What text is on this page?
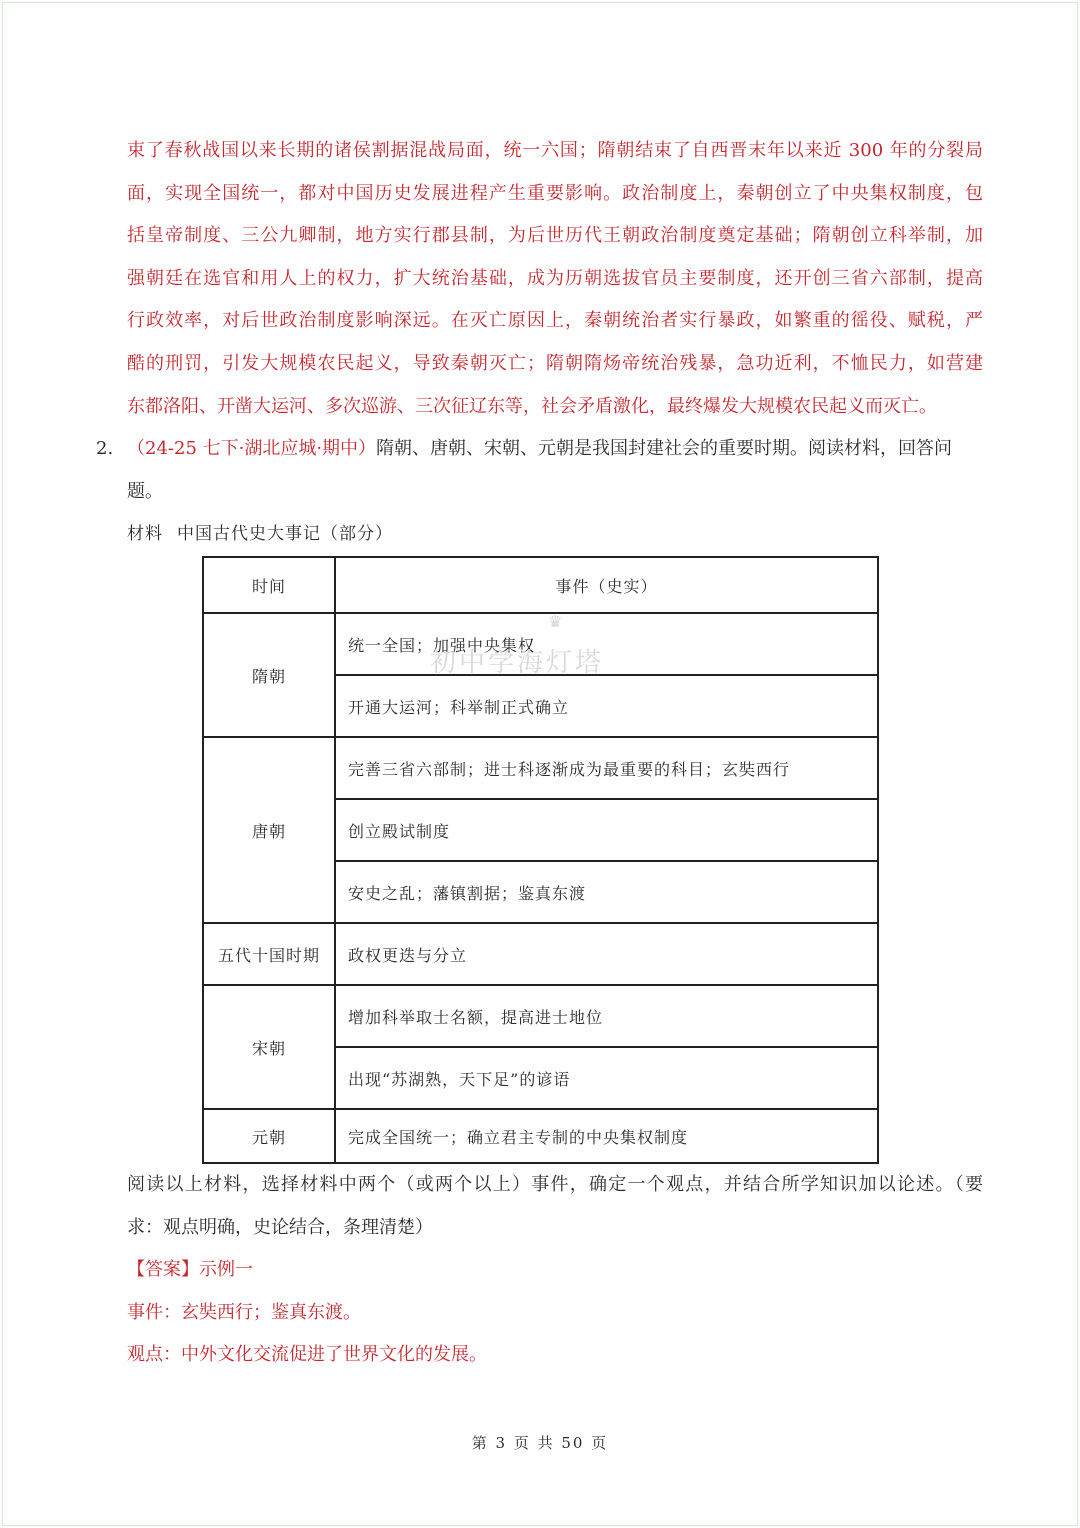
束了春秋战国以来长期的诸侯割据混战局面，统一六国；隋朝结束了自西晋末年以来近 300 年的分裂局
面，实现全国统一，都对中国历史发展进程产生重要影响。政治制度上，秦朝创立了中央集权制度，包
括皇帝制度、三公九卿制，地方实行郡县制，为后世历代王朝政治制度奠定基础；隋朝创立科举制，加
强朝廷在选官和用人上的权力，扩大统治基础，成为历朝选拔官员主要制度，还开创三省六部制，提高
行政效率，对后世政治制度影响深远。在灭亡原因上，秦朝统治者实行暴政，如繁重的徭役、赋税，严
酷的刑罚，引发大规模农民起义，导致秦朝灭亡；隋朝隋炀帝统治残暴，急功近利，不恤民力，如营建
东都洛阳、开凿大运河、多次巡游、三次征辽东等，社会矛盾激化，最终爆发大规模农民起义而灭亡。
2. （24-25 七下·湖北应城·期中）隋朝、唐朝、宋朝、元朝是我国封建社会的重要时期。阅读材料，回答问
题。
材料 中国古代史大事记（部分）
时间	事件（史实）
隋朝	统一全国；加强中央集权
	开通大运河；科举制正式确立
唐朝	完善三省六部制；进士科逐渐成为最重要的科目；玄奘西行
	创立殿试制度
	安史之乱；藩镇割据；鉴真东渡
五代十国时期	政权更迭与分立
宋朝	增加科举取士名额，提高进士地位
	出现“苏湖熟，天下足”的谚语
元朝	完成全国统一；确立君主专制的中央集权制度
♛
初中学海灯塔
阅读以上材料，选择材料中两个（或两个以上）事件，确定一个观点，并结合所学知识加以论述。（要
求：观点明确，史论结合，条理清楚）
【答案】示例一
事件：玄奘西行；鉴真东渡。
观点：中外文化交流促进了世界文化的发展。
第 3 页 共 50 页
